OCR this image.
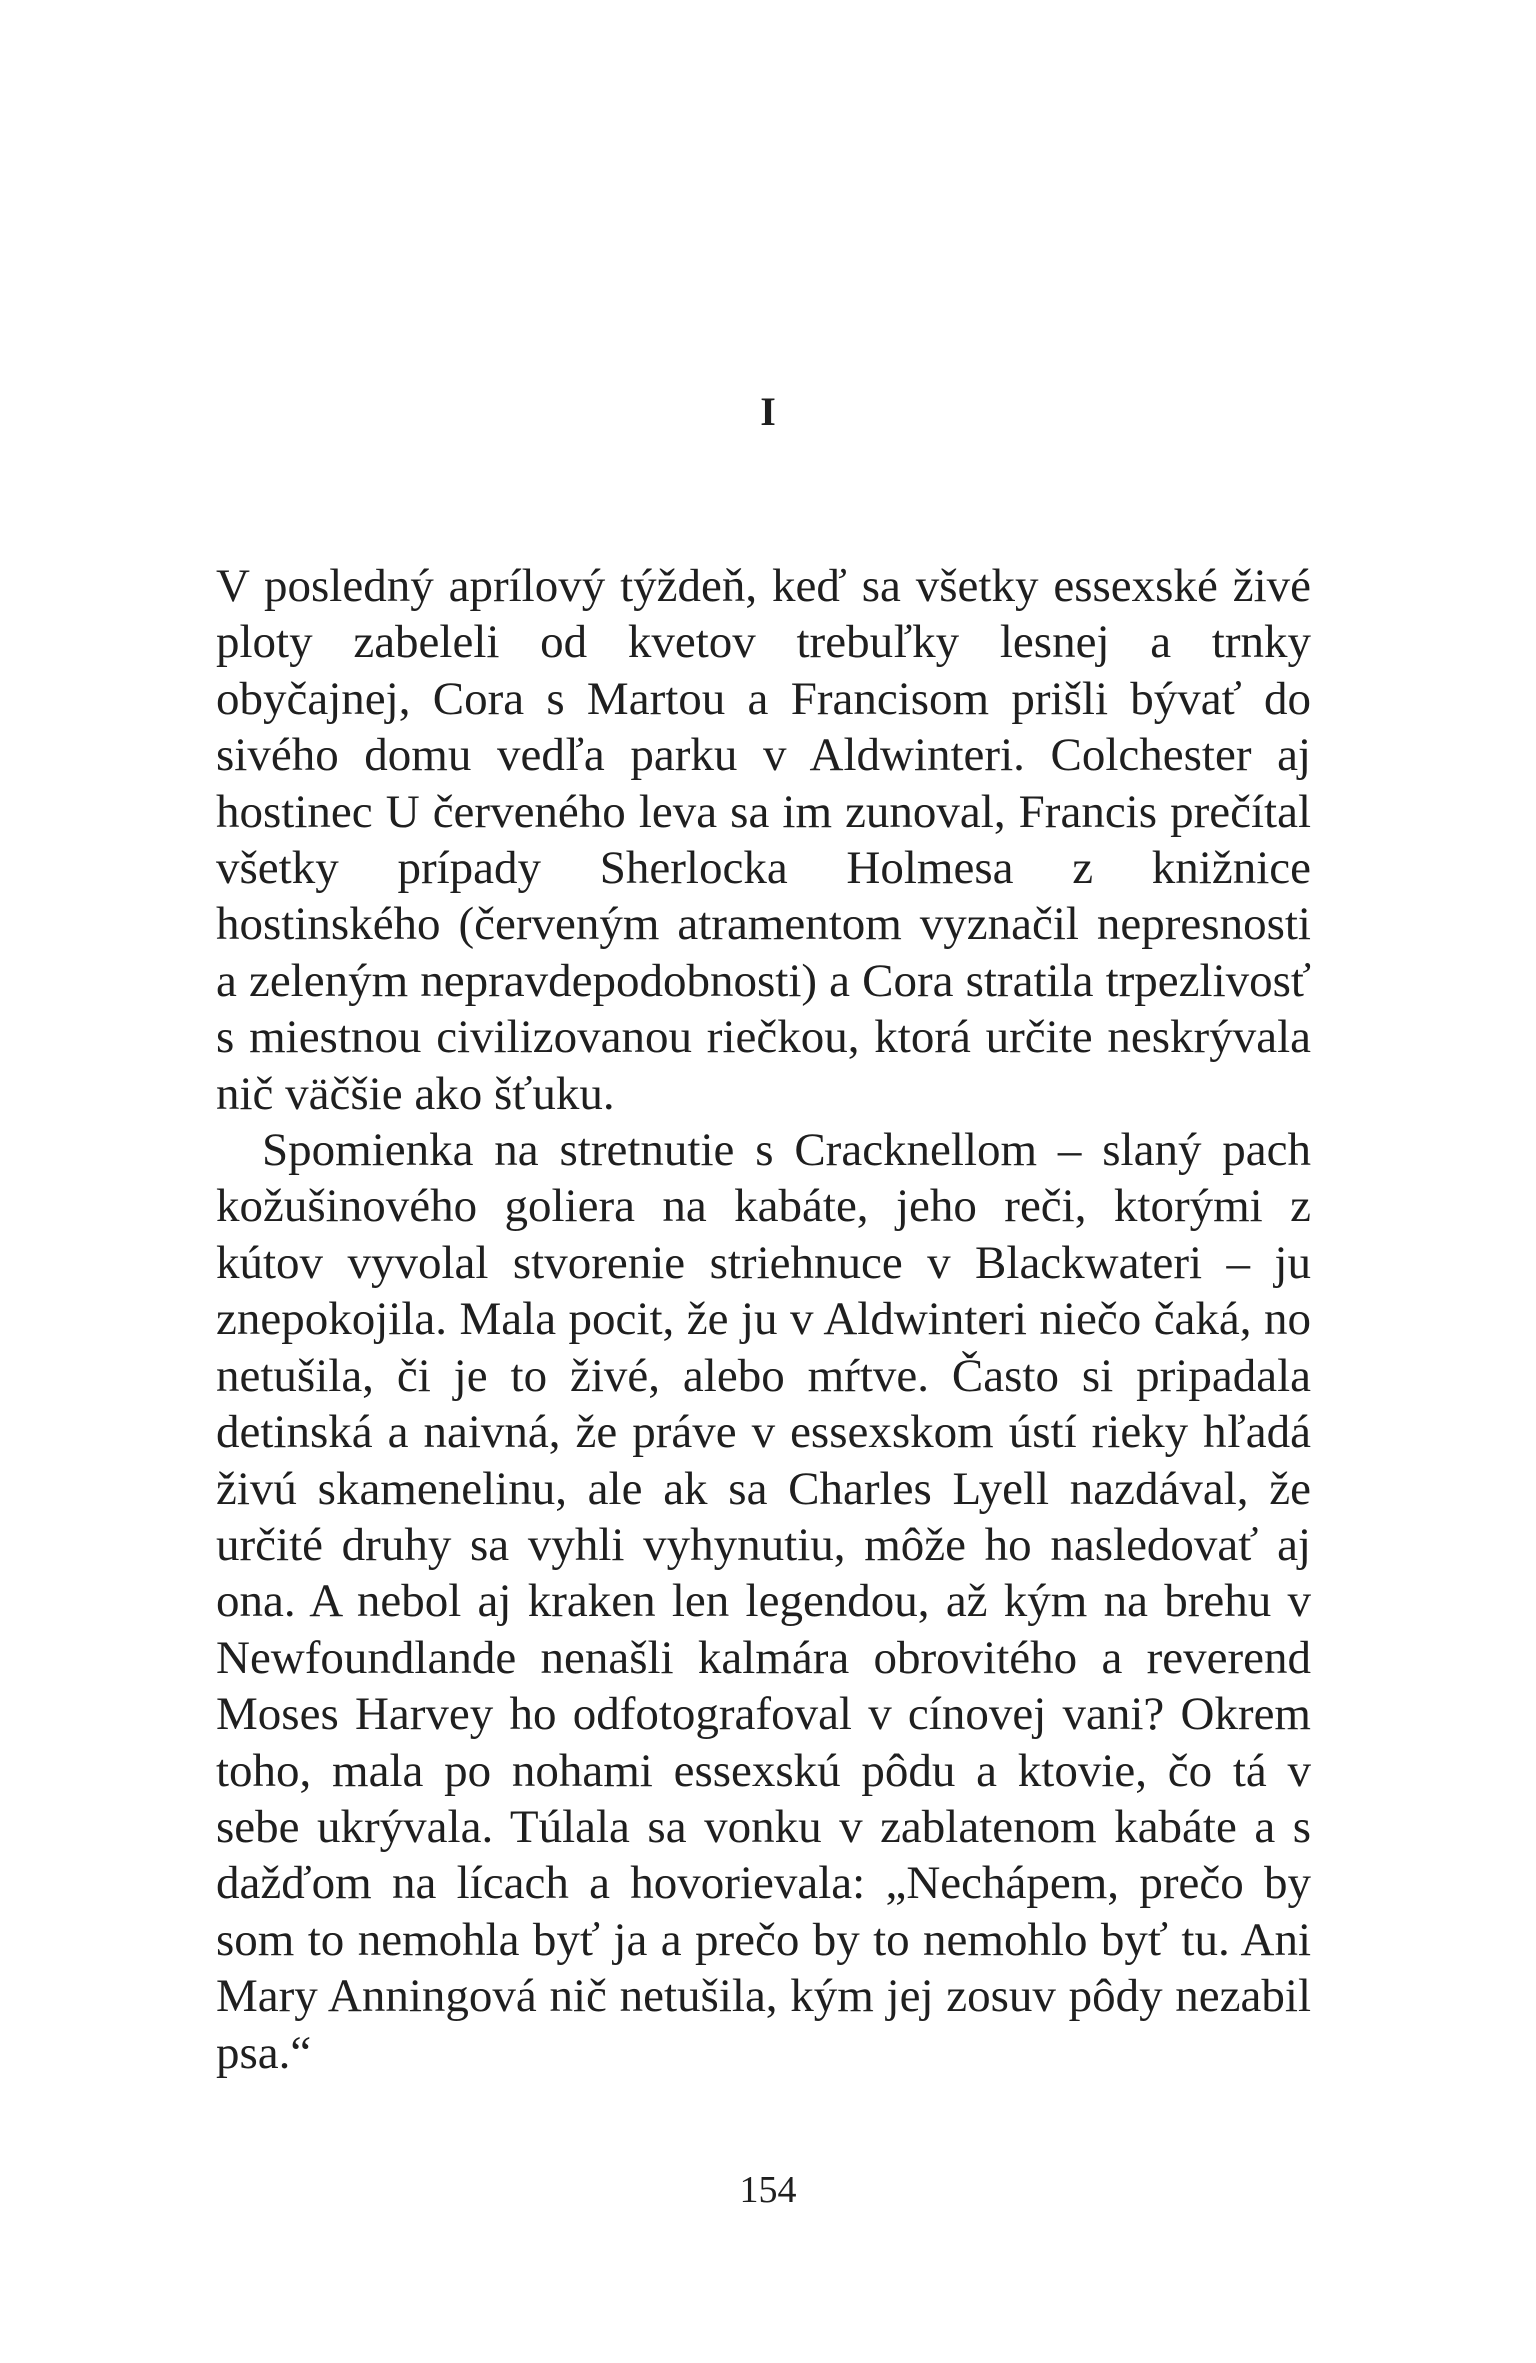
I

V posledný aprílový týždeň, keď sa všetky essexské živé ploty zabeleli od kvetov trebuľky lesnej a trnky obyčajnej, Cora s Martou a Francisom prišli bývať do sivého domu vedľa parku v Aldwinteri. Colchester aj hostinec U červeného leva sa im zunoval, Francis prečítal všetky prípady Sherlocka Holmesa z knižnice hostinského (červeným atramentom vyznačil nepresnosti a zeleným nepravdepodobnosti) a Cora stratila trpezlivosť s miestnou civilizovanou riečkou, ktorá určite neskrývala nič väčšie ako šťuku.

Spomienka na stretnutie s Cracknellom – slaný pach kožušinového goliera na kabáte, jeho reči, ktorými z kútov vyvolal stvorenie striehnuce v Blackwateri – ju znepokojila. Mala pocit, že ju v Aldwinteri niečo čaká, no netušila, či je to živé, alebo mŕtve. Často si pripadala detinská a naivná, že práve v essexskom ústí rieky hľadá živú skamenelinu, ale ak sa Charles Lyell nazdával, že určité druhy sa vyhli vyhynutiu, môže ho nasledovať aj ona. A nebol aj kraken len legendou, až kým na brehu v Newfoundlande nenašli kalmára obrovitého a reverend Moses Harvey ho odfotografoval v cínovej vani? Okrem toho, mala po nohami essexskú pôdu a ktovie, čo tá v sebe ukrývala. Túlala sa vonku v zablatenom kabáte a s dažďom na lícach a hovorievala: „Nechápem, prečo by som to nemohla byť ja a prečo by to nemohlo byť tu. Ani Mary Anningová nič netušila, kým jej zosuv pôdy nezabil psa.“

154
